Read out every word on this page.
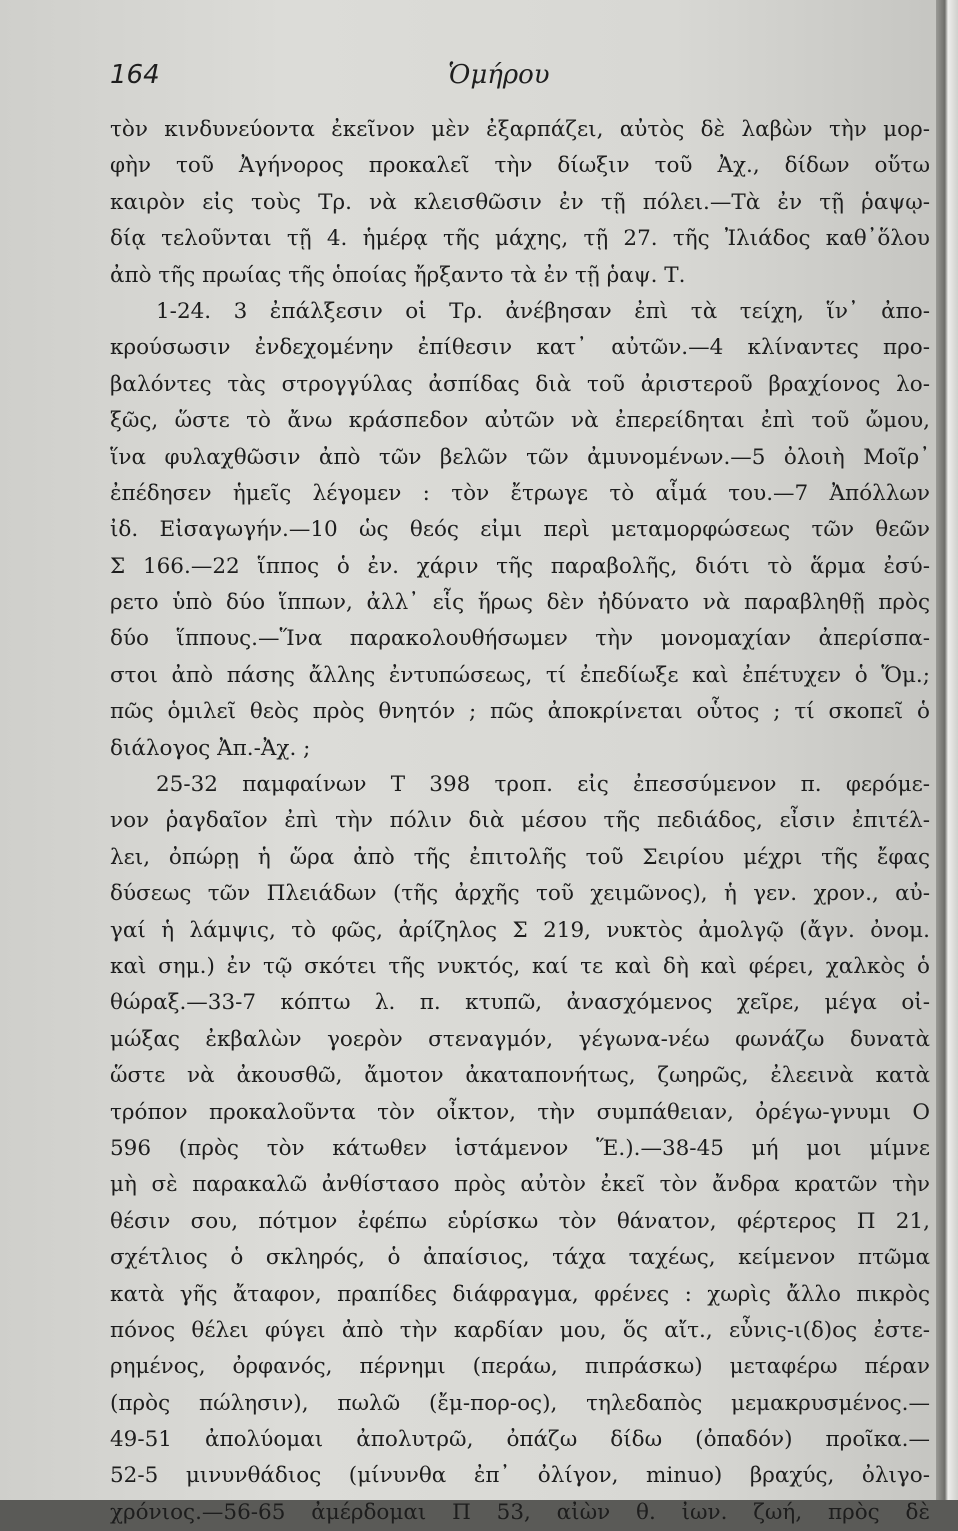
164	Ὁμήρου
τὸν κινδυνεύοντα ἐκεῖνον μὲν ἐξαρπάζει, αὐτὸς δὲ λαβὼν τὴν μορ-
φὴν τοῦ Ἀγήνορος προκαλεῖ τὴν δίωξιν τοῦ Ἀχ., δίδων οὕτω
καιρὸν εἰς τοὺς Τρ. νὰ κλεισθῶσιν ἐν τῇ πόλει.—Τὰ ἐν τῇ ῥαψῳ-
δίᾳ τελοῦνται τῇ 4. ἡμέρᾳ τῆς μάχης, τῇ 27. τῆς Ἰλιάδος καθ᾽ὅλου
ἀπὸ τῆς πρωίας τῆς ὁποίας ἤρξαντο τὰ ἐν τῇ ῥαψ. Τ.
1-24. 3 ἐπάλξεσιν οἱ Τρ. ἀνέβησαν ἐπὶ τὰ τείχη, ἵν᾽ ἀπο-
κρούσωσιν ἐνδεχομένην ἐπίθεσιν κατ᾽ αὐτῶν.—4 κλίναντες προ-
βαλόντες τὰς στρογγύλας ἀσπίδας διὰ τοῦ ἀριστεροῦ βραχίονος λο-
ξῶς, ὥστε τὸ ἄνω κράσπεδον αὐτῶν νὰ ἐπερείδηται ἐπὶ τοῦ ὤμου,
ἵνα φυλαχθῶσιν ἀπὸ τῶν βελῶν τῶν ἀμυνομένων.—5 ὀλοιὴ Μοῖρ᾽
ἐπέδησεν ἡμεῖς λέγομεν : τὸν ἔτρωγε τὸ αἷμά του.—7 Ἀπόλλων
ἰδ. Εἰσαγωγήν.—10 ὡς θεός εἰμι περὶ μεταμορφώσεως τῶν θεῶν
Σ 166.—22 ἵππος ὁ ἐν. χάριν τῆς παραβολῆς, διότι τὸ ἅρμα ἐσύ-
ρετο ὑπὸ δύο ἵππων, ἀλλ᾽ εἷς ἥρως δὲν ἠδύνατο νὰ παραβληθῇ πρὸς
δύο ἵππους.—Ἵνα παρακολουθήσωμεν τὴν μονομαχίαν ἀπερίσπα-
στοι ἀπὸ πάσης ἄλλης ἐντυπώσεως, τί ἐπεδίωξε καὶ ἐπέτυχεν ὁ Ὅμ.;
πῶς ὁμιλεῖ θεὸς πρὸς θνητόν ; πῶς ἀποκρίνεται οὗτος ; τί σκοπεῖ ὁ
διάλογος Ἀπ.-Ἀχ. ;
25-32 παμφαίνων Τ 398 τροπ. εἰς ἐπεσσύμενον π. φερόμε-
νον ῥαγδαῖον ἐπὶ τὴν πόλιν διὰ μέσου τῆς πεδιάδος, εἶσιν ἐπιτέλ-
λει, ὀπώρῃ ἡ ὥρα ἀπὸ τῆς ἐπιτολῆς τοῦ Σειρίου μέχρι τῆς ἔφας
δύσεως τῶν Πλειάδων (τῆς ἀρχῆς τοῦ χειμῶνος), ἡ γεν. χρον., αὐ-
γαί ἡ λάμψις, τὸ φῶς, ἀρίζηλος Σ 219, νυκτὸς ἀμολγῷ (ἄγν. ὀνομ.
καὶ σημ.) ἐν τῷ σκότει τῆς νυκτός, καί τε καὶ δὴ καὶ φέρει, χαλκὸς ὁ
θώραξ.—33-7 κόπτω λ. π. κτυπῶ, ἀνασχόμενος χεῖρε, μέγα οἰ-
μώξας ἐκβαλὼν γοερὸν στεναγμόν, γέγωνα-νέω φωνάζω δυνατὰ
ὥστε νὰ ἀκουσθῶ, ἄμοτον ἀκαταπονήτως, ζωηρῶς, ἐλεεινὰ κατὰ
τρόπον προκαλοῦντα τὸν οἶκτον, τὴν συμπάθειαν, ὀρέγω-γνυμι Ο
596 (πρὸς τὸν κάτωθεν ἱστάμενον Ἕ.).—38-45 μή μοι μίμνε
μὴ σὲ παρακαλῶ ἀνθίστασο πρὸς αὐτὸν ἐκεῖ τὸν ἄνδρα κρατῶν τὴν
θέσιν σου, πότμον ἐφέπω εὑρίσκω τὸν θάνατον, φέρτερος Π 21,
σχέτλιος ὁ σκληρός, ὁ ἀπαίσιος, τάχα ταχέως, κείμενον πτῶμα
κατὰ γῆς ἄταφον, πραπίδες διάφραγμα, φρένες : χωρὶς ἄλλο πικρὸς
πόνος θέλει φύγει ἀπὸ τὴν καρδίαν μου, ὅς αἴτ., εὖνις-ι(δ)ος ἐστε-
ρημένος, ὀρφανός, πέρνημι (περάω, πιπράσκω) μεταφέρω πέραν
(πρὸς πώλησιν), πωλῶ (ἔμ-πορ-ος), τηλεδαπὸς μεμακρυσμένος.—
49-51 ἀπολύομαι ἀπολυτρῶ, ὀπάζω δίδω (ὀπαδόν) προῖκα.—
52-5 μινυνθάδιος (μίνυνθα ἐπ᾽ ὀλίγον, minuo) βραχύς, ὀλιγο-
χρόνιος.—56-65 ἀμέρδομαι Π 53, αἰὼν θ. ἰων. ζωή, πρὸς δὲ
